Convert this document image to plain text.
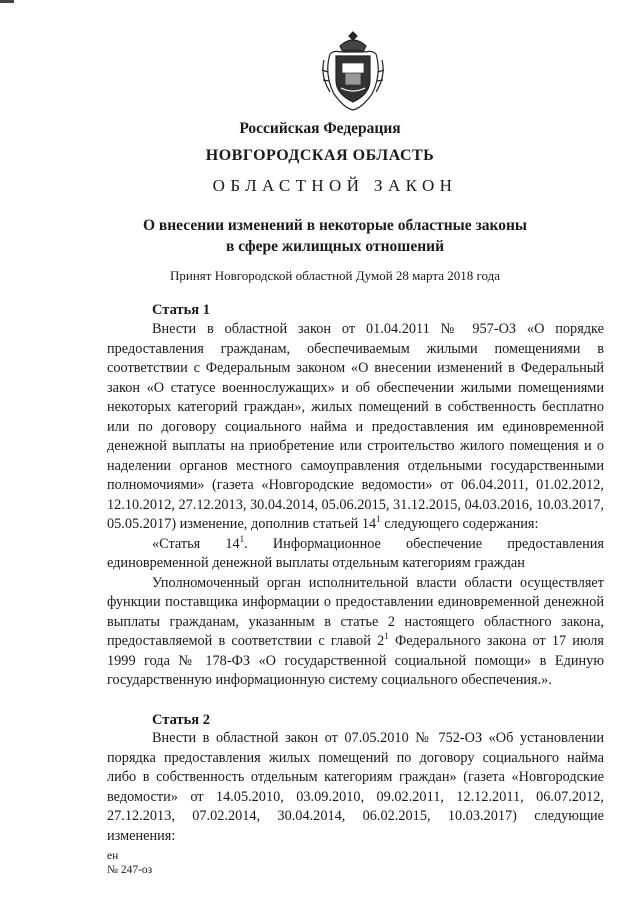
Российская Федерация
НОВГОРОДСКАЯ ОБЛАСТЬ
ОБЛАСТНОЙ ЗАКОН
О внесении изменений в некоторые областные законы
в сфере жилищных отношений
Принят Новгородской областной Думой 28 марта 2018 года
Статья 1

Внести в областной закон от 01.04.2011 № 957-ОЗ «О порядке предоставления гражданам, обеспечиваемым жилыми помещениями в соответствии с Федеральным законом «О внесении изменений в Федеральный закон «О статусе военнослужащих» и об обеспечении жилыми помещениями некоторых категорий граждан», жилых помещений в собственность бесплатно или по договору социального найма и предоставления им единовременной денежной выплаты на приобретение или строительство жилого помещения и о наделении органов местного самоуправления отдельными государственными полномочиями» (газета «Новгородские ведомости» от 06.04.2011, 01.02.2012, 12.10.2012, 27.12.2013, 30.04.2014, 05.06.2015, 31.12.2015, 04.03.2016, 10.03.2017, 05.05.2017) изменение, дополнив статьей $14^1$ следующего содержания:

«Статья $14^1$. Информационное обеспечение предоставления единовременной денежной выплаты отдельным категориям граждан

Уполномоченный орган исполнительной власти области осуществляет функции поставщика информации о предоставлении единовременной денежной выплаты гражданам, указанным в статье 2 настоящего областного закона, предоставляемой в соответствии с главой $2^1$ Федерального закона от 17 июля 1999 года № 178-ФЗ «О государственной социальной помощи» в Единую государственную информационную систему социального обеспечения.».

Статья 2

Внести в областной закон от 07.05.2010 № 752-ОЗ «Об установлении порядка предоставления жилых помещений по договору социального найма либо в собственность отдельным категориям граждан» (газета «Новгородские ведомости» от 14.05.2010, 03.09.2010, 09.02.2011, 12.12.2011, 06.07.2012, 27.12.2013, 07.02.2014, 30.04.2014, 06.02.2015, 10.03.2017) следующие изменения:

ен
№ 247-оз
